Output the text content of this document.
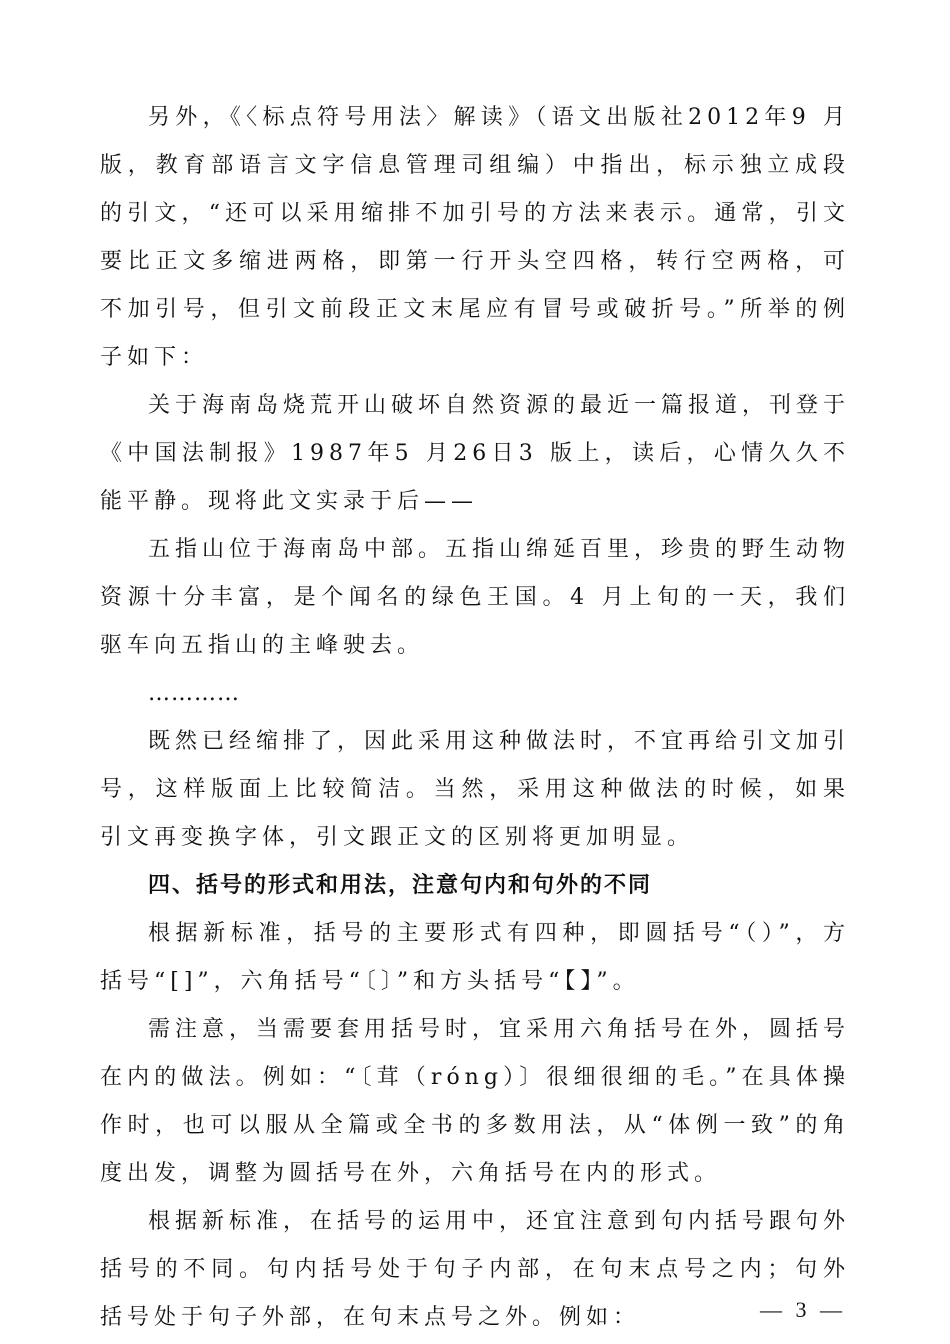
另外，《〈标点符号用法〉解读》（语文出版社2012年9 月版，教育部语言文字信息管理司组编）中指出，标示独立成段的引文，“还可以采用缩排不加引号的方法来表示。通常，引文要比正文多缩进两格，即第一行开头空四格，转行空两格，可不加引号，但引文前段正文末尾应有冒号或破折号。”所举的例子如下：

关于海南岛烧荒开山破坏自然资源的最近一篇报道，刊登于《中国法制报》1987年5 月26日3 版上，读后，心情久久不能平静。现将此文实录于后——

五指山位于海南岛中部。五指山绵延百里，珍贵的野生动物资源十分丰富，是个闻名的绿色王国。4 月上旬的一天，我们驱车向五指山的主峰驶去。

…………

既然已经缩排了，因此采用这种做法时，不宜再给引文加引号，这样版面上比较简洁。当然，采用这种做法的时候，如果引文再变换字体，引文跟正文的区别将更加明显。

四、括号的形式和用法，注意句内和句外的不同

根据新标准，括号的主要形式有四种，即圆括号“（）”，方括号“[]”，六角括号“〔〕”和方头括号“【】”。

需注意，当需要套用括号时，宜采用六角括号在外，圆括号在内的做法。例如：“〔茸（róng）〕很细很细的毛。”在具体操作时，也可以服从全篇或全书的多数用法，从“体例一致”的角度出发，调整为圆括号在外，六角括号在内的形式。

根据新标准，在括号的运用中，还宜注意到句内括号跟句外括号的不同。句内括号处于句子内部，在句末点号之内；句外括号处于句子外部，在句末点号之外。例如：	— 3 —
